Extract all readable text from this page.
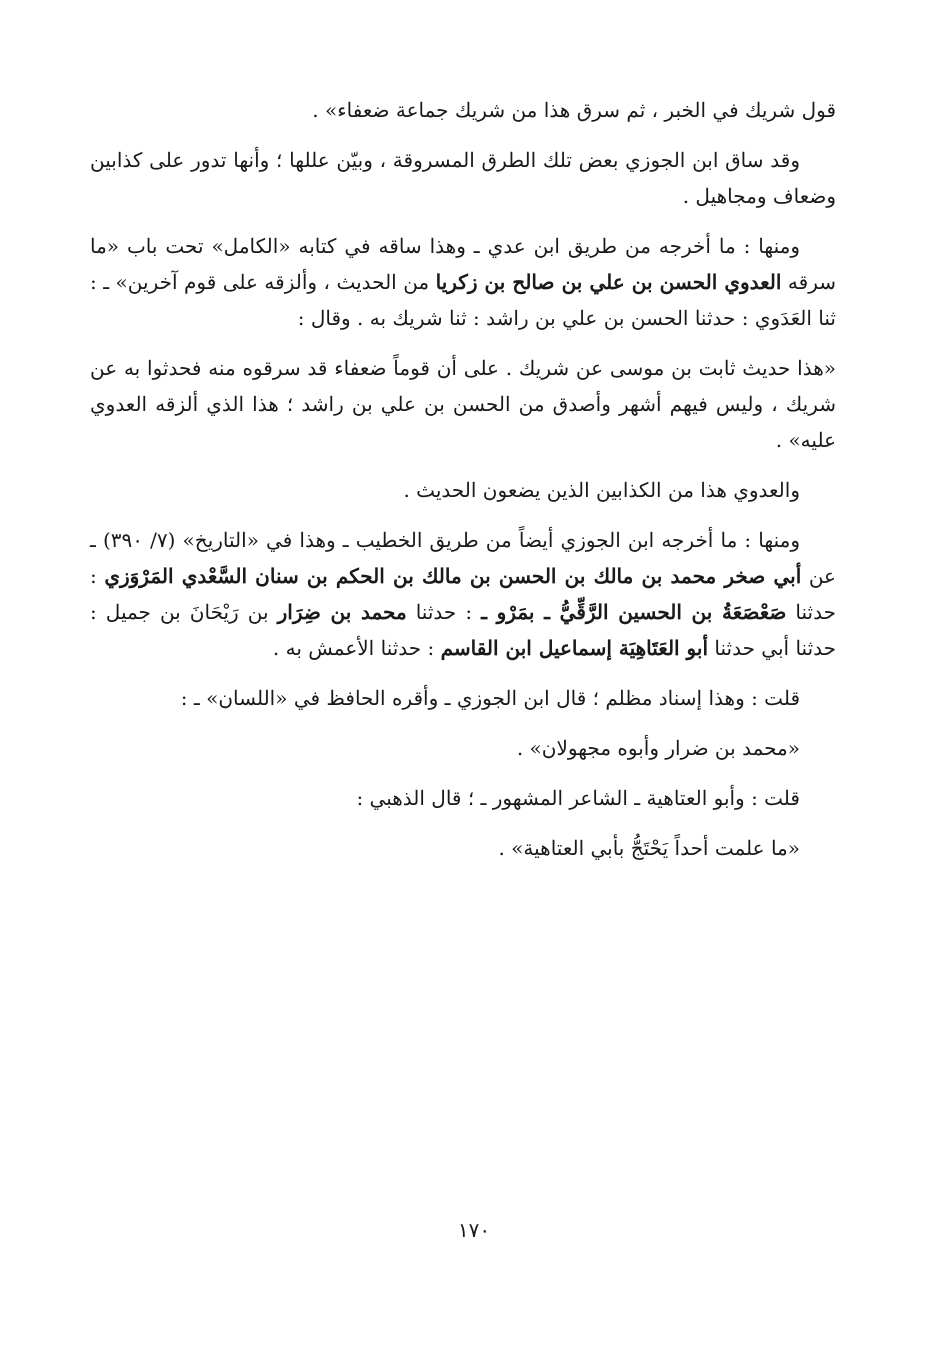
قول شريك في الخبر ، ثم سرق هذا من شريك جماعة ضعفاء» .

وقد ساق ابن الجوزي بعض تلك الطرق المسروقة ، وبيّن عللها ؛ وأنها تدور على كذابين وضعاف ومجاهيل .

ومنها : ما أخرجه من طريق ابن عدي ـ وهذا ساقه في كتابه «الكامل» تحت باب «ما سرقه العدوي الحسن بن علي بن صالح بن زكريا من الحديث ، وألزقه على قوم آخرين» ـ : ثنا العَدَوي : حدثنا الحسن بن علي بن راشد : ثنا شريك به . وقال :

«هذا حديث ثابت بن موسى عن شريك . على أن قوماً ضعفاء قد سرقوه منه فحدثوا به عن شريك ، وليس فيهم أشهر وأصدق من الحسن بن علي بن راشد ؛ هذا الذي ألزقه العدوي عليه» .

والعدوي هذا من الكذابين الذين يضعون الحديث .

ومنها : ما أخرجه ابن الجوزي أيضاً من طريق الخطيب ـ وهذا في «التاريخ» (٧/ ٣٩٠) ـ عن أبي صخر محمد بن مالك بن الحسن بن مالك بن الحكم بن سنان السَّعْدي المَرْوَزي : حدثنا صَعْصَعَةُ بن الحسين الرَّقِّيُّ ـ بمَرْو ـ : حدثنا محمد بن ضِرَار بن رَيْحَانَ بن جميل : حدثنا أبي حدثنا أبو العَتَاهِيَة إسماعيل ابن القاسم : حدثنا الأعمش به .

قلت : وهذا إسناد مظلم ؛ قال ابن الجوزي ـ وأقره الحافظ في «اللسان» ـ :

«محمد بن ضرار وأبوه مجهولان» .

قلت : وأبو العتاهية ـ الشاعر المشهور ـ ؛ قال الذهبي :

«ما علمت أحداً يَحْتَجُّ بأبي العتاهية» .

١٧٠
